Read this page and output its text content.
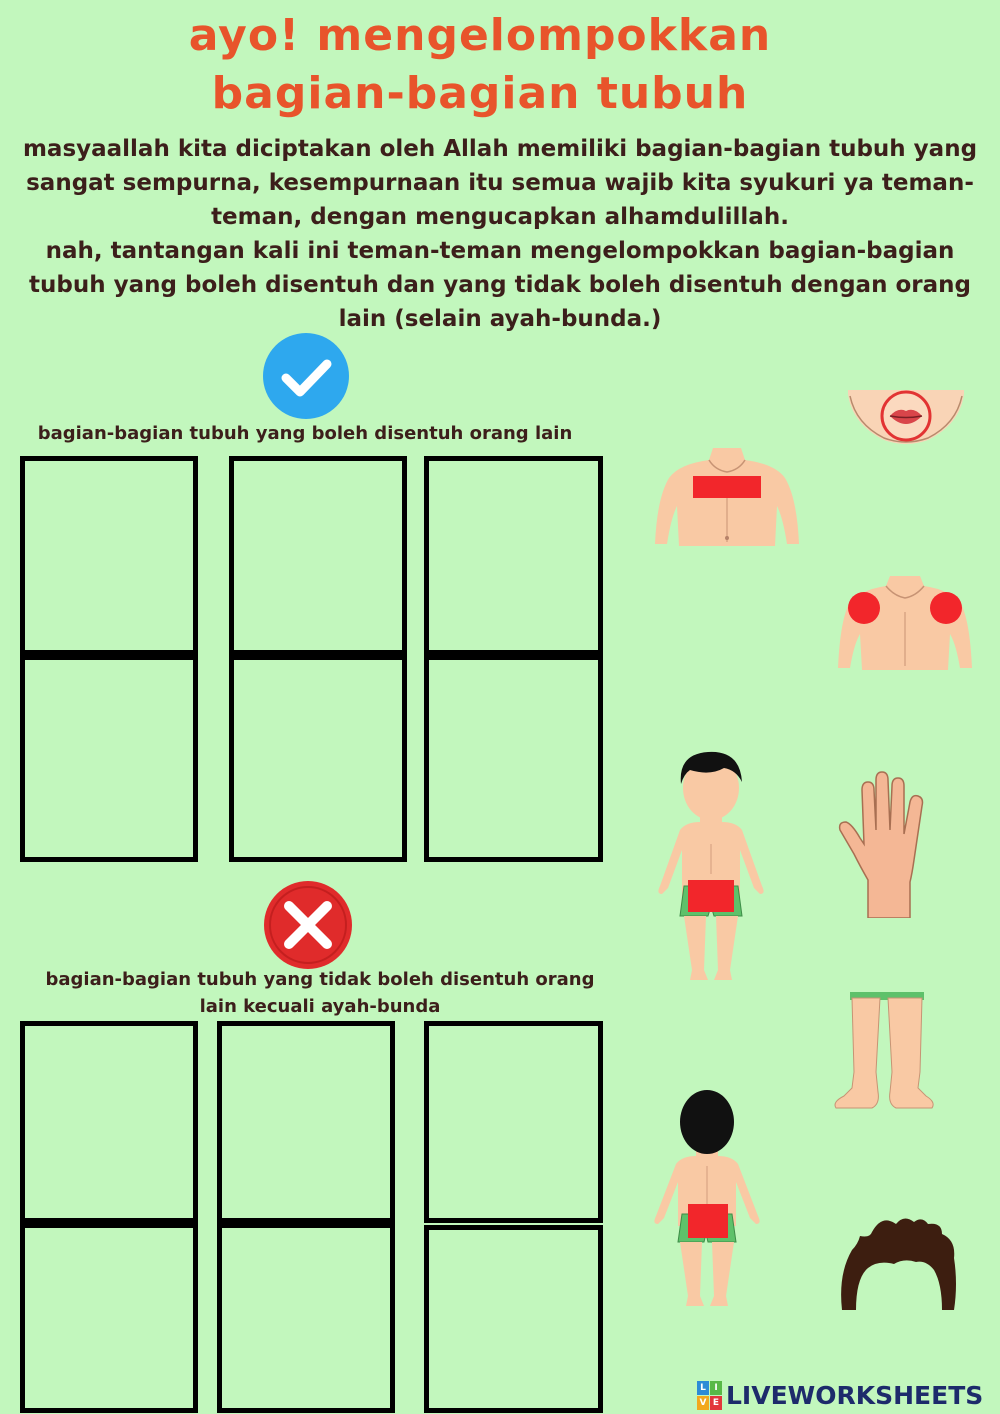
ayo! mengelompokkan
bagian-bagian tubuh

masyaallah kita diciptakan oleh Allah memiliki bagian-bagian tubuh yang

sangat sempurna, kesempurnaan itu semua wajib kita syukuri ya teman-

teman, dengan mengucapkan alhamdulillah.

nah, tantangan kali ini teman-teman mengelompokkan bagian-bagian

tubuh yang boleh disentuh dan yang tidak boleh disentuh dengan orang

lain (selain ayah-bunda.)

bagian-bagian tubuh yang boleh disentuh orang lain
bagian-bagian tubuh yang tidak boleh disentuh orang
lain kecuali ayah-bunda
L I
V E LIVEWORKSHEETS
